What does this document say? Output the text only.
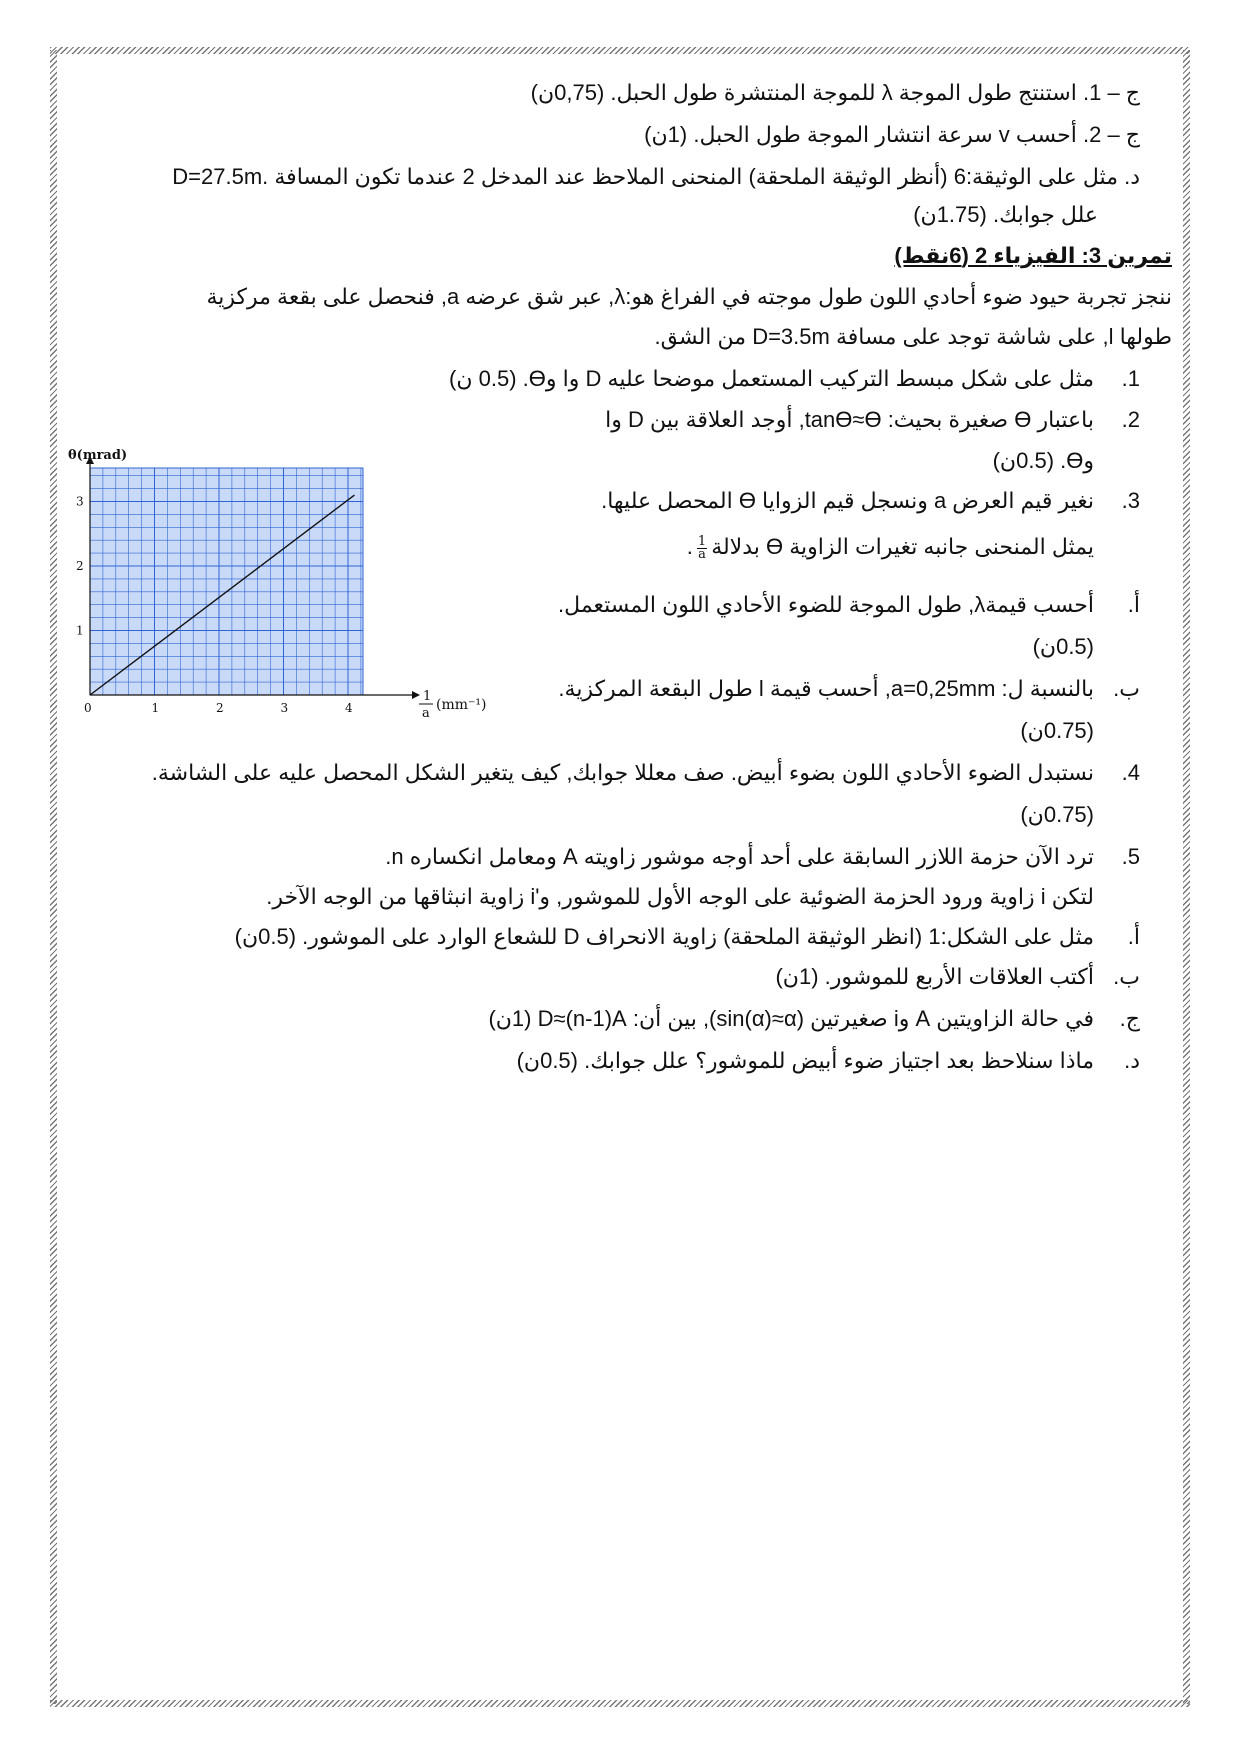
ج – 1. استنتج طول الموجة λ للموجة المنتشرة طول الحبل. (0,75ن)
ج – 2. أحسب v سرعة انتشار الموجة طول الحبل. (1ن)
د. مثل على الوثيقة:6 (أنظر الوثيقة الملحقة) المنحنى الملاحظ عند المدخل 2 عندما تكون المسافة .D=27.5m
علل جوابك. (1.75ن)
تمرين 3: الفيزياء 2 (6نقط)
ننجز تجربة حيود ضوء أحادي اللون طول موجته في الفراغ هو:λ, عبر شق عرضه a, فنحصل على بقعة مركزية
طولها l, على شاشة توجد على مسافة D=3.5m من الشق.
1.مثل على شكل مبسط التركيب المستعمل موضحا عليه D وا وϴ. (0.5 ن)
2.باعتبار ϴ صغيرة بحيث: tanϴ≈ϴ, أوجد العلاقة بين D وا
وϴ. (0.5ن)
3.نغير قيم العرض a ونسجل قيم الزوايا ϴ المحصل عليها.
يمثل المنحنى جانبه تغيرات الزاوية ϴ بدلالة
$\frac{1}{a}$
.
أ.أحسب قيمةλ, طول الموجة للضوء الأحادي اللون المستعمل.
(0.5ن)
ب.بالنسبة ل: a=0,25mm, أحسب قيمة l طول البقعة المركزية.
(0.75ن)
4.نستبدل الضوء الأحادي اللون بضوء أبيض. صف معللا جوابك, كيف يتغير الشكل المحصل عليه على الشاشة.
(0.75ن)
5.ترد الآن حزمة اللازر السابقة على أحد أوجه موشور زاويته A ومعامل انكساره n.
لتكن i زاوية ورود الحزمة الضوئية على الوجه الأول للموشور, و'i زاوية انبثاقها من الوجه الآخر.
أ.مثل على الشكل:1 (انظر الوثيقة الملحقة) زاوية الانحراف D للشعاع الوارد على الموشور. (0.5ن)
ب.أكتب العلاقات الأربع للموشور. (1ن)
ج.في حالة الزاويتين A وi صغيرتين (sin(α)≈α), بين أن: D≈(n-1)A (1ن)
د.ماذا سنلاحظ بعد اجتياز ضوء أبيض للموشور؟ علل جوابك. (0.5ن)
0	1	2	3	4
1
2
3
θ(mrad)
1
a
(mm⁻¹)
